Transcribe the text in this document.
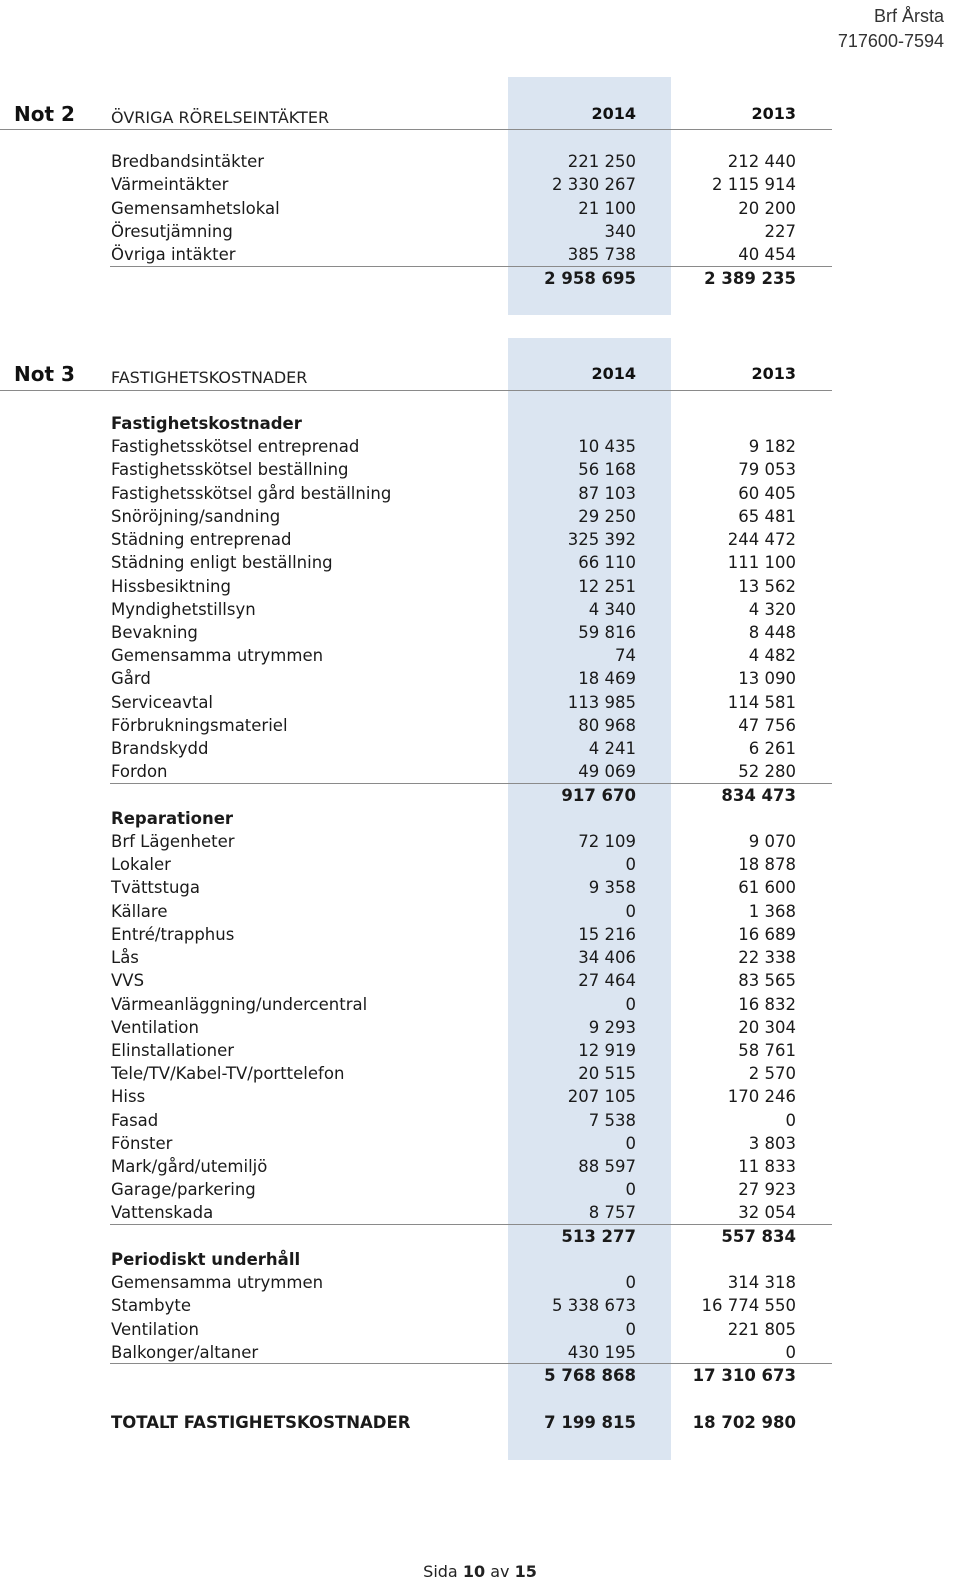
Brf Årsta
717600-7594
Not 2 ÖVRIGA RÖRELSEINTÄKTER	2014	2013
Bredbandsintäkter	221 250	212 440
Värmeintäkter	2 330 267	2 115 914
Gemensamhetslokal	21 100	20 200
Öresutjämning	340	227
Övriga intäkter	385 738	40 454
2 958 695	2 389 235
Not 3 FASTIGHETSKOSTNADER	2014	2013
Fastighetskostnader
Fastighetsskötsel entreprenad	10 435	9 182
Fastighetsskötsel beställning	56 168	79 053
Fastighetsskötsel gård beställning	87 103	60 405
Snöröjning/sandning	29 250	65 481
Städning entreprenad	325 392	244 472
Städning enligt beställning	66 110	111 100
Hissbesiktning	12 251	13 562
Myndighetstillsyn	4 340	4 320
Bevakning	59 816	8 448
Gemensamma utrymmen	74	4 482
Gård	18 469	13 090
Serviceavtal	113 985	114 581
Förbrukningsmateriel	80 968	47 756
Brandskydd	4 241	6 261
Fordon	49 069	52 280
917 670	834 473
Reparationer
Brf Lägenheter	72 109	9 070
Lokaler	0	18 878
Tvättstuga	9 358	61 600
Källare	0	1 368
Entré/trapphus	15 216	16 689
Lås	34 406	22 338
VVS	27 464	83 565
Värmeanläggning/undercentral	0	16 832
Ventilation	9 293	20 304
Elinstallationer	12 919	58 761
Tele/TV/Kabel-TV/porttelefon	20 515	2 570
Hiss	207 105	170 246
Fasad	7 538	0
Fönster	0	3 803
Mark/gård/utemiljö	88 597	11 833
Garage/parkering	0	27 923
Vattenskada	8 757	32 054
513 277	557 834
Periodiskt underhåll
Gemensamma utrymmen	0	314 318
Stambyte	5 338 673	16 774 550
Ventilation	0	221 805
Balkonger/altaner	430 195	0
5 768 868	17 310 673
TOTALT FASTIGHETSKOSTNADER	7 199 815	18 702 980
Sida 10 av 15
